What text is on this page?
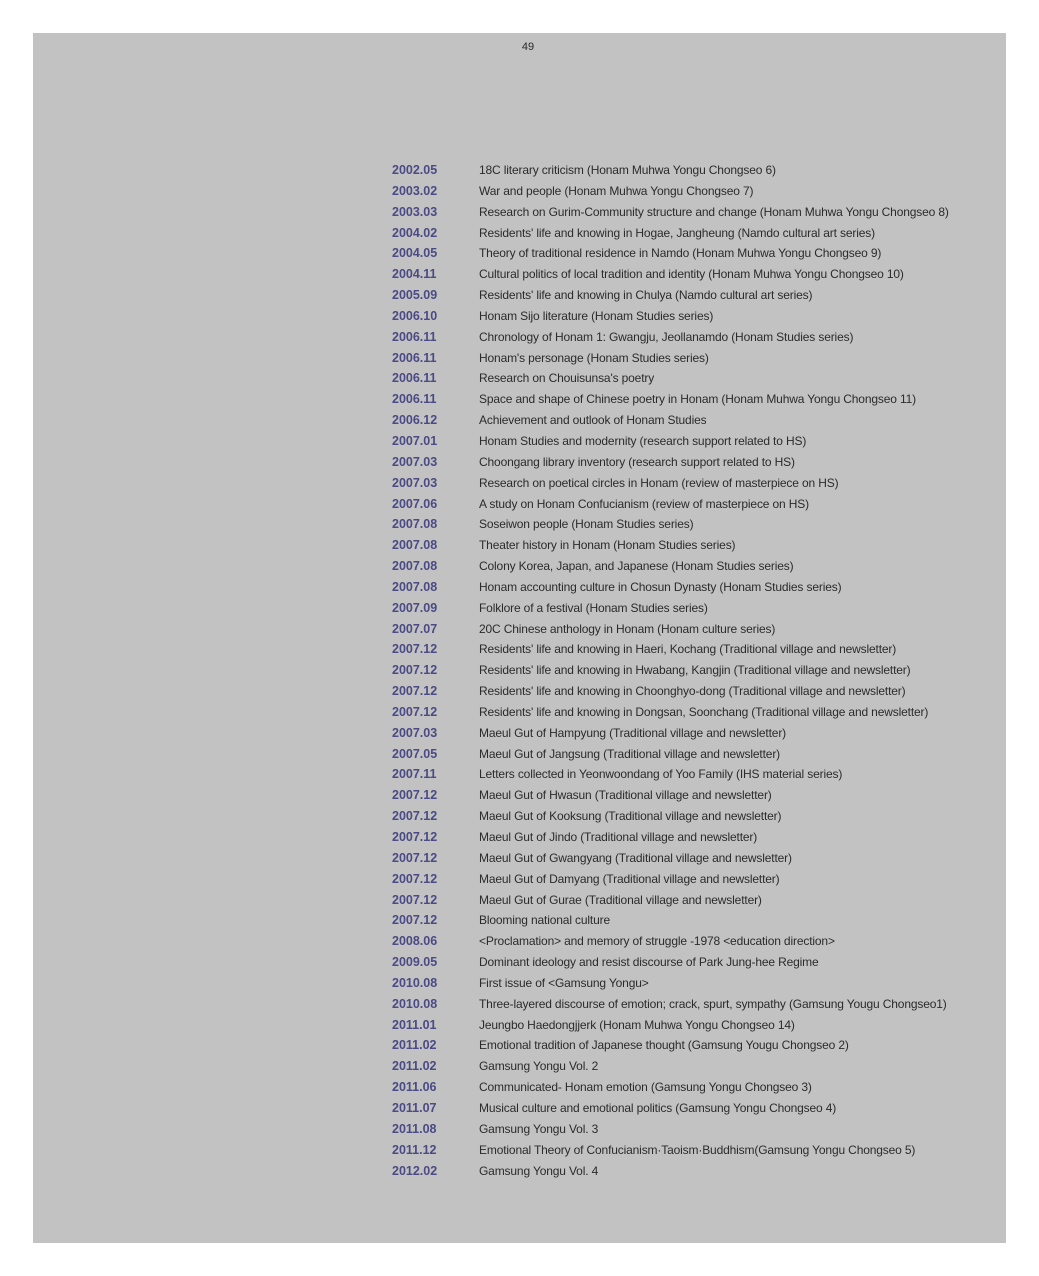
49
2002.05	18C literary criticism (Honam Muhwa Yongu Chongseo 6)
2003.02	War and people (Honam Muhwa Yongu Chongseo 7)
2003.03	Research on Gurim-Community structure and change (Honam Muhwa Yongu Chongseo 8)
2004.02	Residents' life and knowing in Hogae, Jangheung (Namdo cultural art series)
2004.05	Theory of traditional residence in Namdo (Honam Muhwa Yongu Chongseo 9)
2004.11	Cultural politics of local tradition and identity (Honam Muhwa Yongu Chongseo 10)
2005.09	Residents' life and knowing in Chulya (Namdo cultural art series)
2006.10	Honam Sijo literature (Honam Studies series)
2006.11	Chronology of Honam 1: Gwangju, Jeollanamdo (Honam Studies series)
2006.11	Honam's personage (Honam Studies series)
2006.11	Research on Chouisunsa's poetry
2006.11	Space and shape of Chinese poetry in Honam (Honam Muhwa Yongu Chongseo 11)
2006.12	Achievement and outlook of Honam Studies
2007.01	Honam Studies and modernity (research support related to HS)
2007.03	Choongang library inventory (research support related to HS)
2007.03	Research on poetical circles in Honam (review of masterpiece on HS)
2007.06	A study on Honam Confucianism (review of masterpiece on HS)
2007.08	Soseiwon people (Honam Studies series)
2007.08	Theater history in Honam (Honam Studies series)
2007.08	Colony Korea, Japan, and Japanese (Honam Studies series)
2007.08	Honam accounting culture in Chosun Dynasty (Honam Studies series)
2007.09	Folklore of a festival (Honam Studies series)
2007.07	20C Chinese anthology in Honam (Honam culture series)
2007.12	Residents' life and knowing in Haeri, Kochang (Traditional village and newsletter)
2007.12	Residents' life and knowing in Hwabang, Kangjin (Traditional village and newsletter)
2007.12	Residents' life and knowing in Choonghyo-dong (Traditional village and newsletter)
2007.12	Residents' life and knowing in Dongsan, Soonchang (Traditional village and newsletter)
2007.03	Maeul Gut of Hampyung (Traditional village and newsletter)
2007.05	Maeul Gut of Jangsung (Traditional village and newsletter)
2007.11	Letters collected in Yeonwoondang of Yoo Family (IHS material series)
2007.12	Maeul Gut of Hwasun (Traditional village and newsletter)
2007.12	Maeul Gut of Kooksung (Traditional village and newsletter)
2007.12	Maeul Gut of Jindo (Traditional village and newsletter)
2007.12	Maeul Gut of Gwangyang (Traditional village and newsletter)
2007.12	Maeul Gut of Damyang (Traditional village and newsletter)
2007.12	Maeul Gut of Gurae (Traditional village and newsletter)
2007.12	Blooming national culture
2008.06	<Proclamation> and memory of struggle -1978 <education direction>
2009.05	Dominant ideology and resist discourse of Park Jung-hee Regime
2010.08	First issue of <Gamsung Yongu>
2010.08	Three-layered discourse of emotion; crack, spurt, sympathy (Gamsung Yougu Chongseo1)
2011.01	Jeungbo Haedongjjerk (Honam Muhwa Yongu Chongseo 14)
2011.02	Emotional tradition of Japanese thought (Gamsung Yougu Chongseo 2)
2011.02	Gamsung Yongu Vol. 2
2011.06	Communicated- Honam emotion (Gamsung Yongu Chongseo 3)
2011.07	Musical culture and emotional politics (Gamsung Yongu Chongseo 4)
2011.08	Gamsung Yongu Vol. 3
2011.12	Emotional Theory of Confucianism·Taoism·Buddhism(Gamsung Yongu Chongseo 5)
2012.02	Gamsung Yongu Vol. 4
